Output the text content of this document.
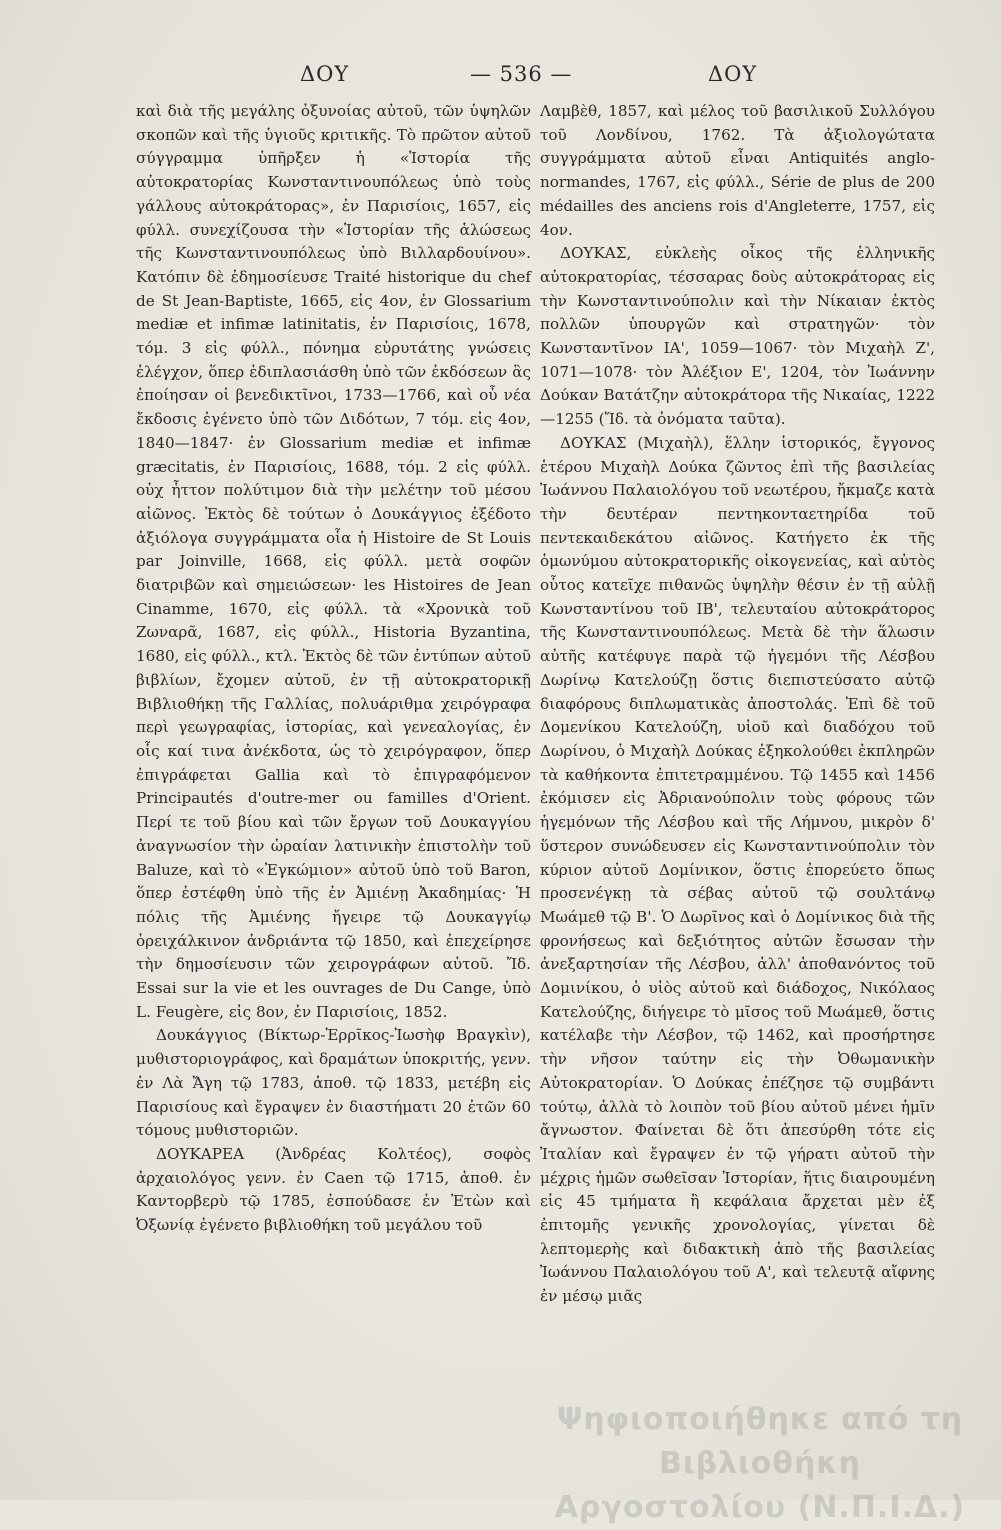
ΔΟΥ	— 536 —	ΔΟΥ

καὶ διὰ τῆς μεγάλης ὀξυνοίας αὐτοῦ, τῶν ὑψηλῶν σκοπῶν καὶ τῆς ὑγιοῦς κριτικῆς. Τὸ πρῶτον αὐτοῦ σύγγραμμα ὑπῆρξεν ἡ «Ἱστορία τῆς αὐτοκρατορίας Κωνσταντινουπόλεως ὑπὸ τοὺς γάλλους αὐτοκράτορας», ἐν Παρισίοις, 1657, εἰς φύλλ. συνεχίζουσα τὴν «Ἱστορίαν τῆς ἁλώσεως τῆς Κωνσταντινουπόλεως ὑπὸ Βιλλαρδουίνου». Κατόπιν δὲ ἐδημοσίευσε Traité historique du chef de St Jean-Baptiste, 1665, εἰς 4ον, ἐν Glossarium mediæ et infimæ latinitatis, ἐν Παρισίοις, 1678, τόμ. 3 εἰς φύλλ., πόνημα εὐρυτάτης γνώσεις ἐλέγχον, ὅπερ ἐδιπλασιάσθη ὑπὸ τῶν ἐκδόσεων ἃς ἐποίησαν οἱ βενεδικτῖνοι, 1733—1766, καὶ οὗ νέα ἔκδοσις ἐγένετο ὑπὸ τῶν Διδότων, 7 τόμ. εἰς 4ον, 1840—1847· ἐν Glossarium mediæ et infimæ græcitatis, ἐν Παρισίοις, 1688, τόμ. 2 εἰς φύλλ. οὐχ ἧττον πολύτιμον διὰ τὴν μελέτην τοῦ μέσου αἰῶνος. Ἐκτὸς δὲ τούτων ὁ Δουκάγγιος ἐξέδοτο ἀξιόλογα συγγράμματα οἷα ἡ Histoire de St Louis par Joinville, 1668, εἰς φύλλ. μετὰ σοφῶν διατριβῶν καὶ σημειώσεων· les Histoires de Jean Cinamme, 1670, εἰς φύλλ. τὰ «Χρονικὰ τοῦ Ζωναρᾶ, 1687, εἰς φύλλ., Historia Byzantina, 1680, εἰς φύλλ., κτλ. Ἐκτὸς δὲ τῶν ἐντύπων αὐτοῦ βιβλίων, ἔχομεν αὐτοῦ, ἐν τῇ αὐτοκρατορικῇ Βιβλιοθήκῃ τῆς Γαλλίας, πολυάριθμα χειρόγραφα περὶ γεωγραφίας, ἱστορίας, καὶ γενεαλογίας, ἐν οἷς καί τινα ἀνέκδοτα, ὡς τὸ χειρόγραφον, ὅπερ ἐπιγράφεται Gallia καὶ τὸ ἐπιγραφόμενον Principautés d'outre-mer ou familles d'Orient. Περί τε τοῦ βίου καὶ τῶν ἔργων τοῦ Δουκαγγίου ἀναγνωσίον τὴν ὡραίαν λατινικὴν ἐπιστολὴν τοῦ Baluze, καὶ τὸ «Ἐγκώμιον» αὐτοῦ ὑπὸ τοῦ Baron, ὅπερ ἐστέφθη ὑπὸ τῆς ἐν Ἀμιένῃ Ἀκαδημίας· Ἡ πόλις τῆς Ἀμιένης ἤγειρε τῷ Δουκαγγίῳ ὀρειχάλκινον ἀνδριάντα τῷ 1850, καὶ ἐπεχείρησε τὴν δημοσίευσιν τῶν χειρογράφων αὐτοῦ. Ἴδ. Essai sur la vie et les ouvrages de Du Cange, ὑπὸ L. Feugère, εἰς 8ον, ἐν Παρισίοις, 1852.

Δουκάγγιος (Βίκτωρ-Ἐρρῖκος-Ἰωσὴφ Βραγκὶν), μυθιστοριογράφος, καὶ δραμάτων ὑποκριτής, γενν. ἐν Λὰ Ἄγη τῷ 1783, ἀποθ. τῷ 1833, μετέβη εἰς Παρισίους καὶ ἔγραψεν ἐν διαστήματι 20 ἐτῶν 60 τόμους μυθιστοριῶν.

ΔΟΥΚΑΡΕΑ (Ἀνδρέας Κολτέος), σοφὸς ἀρχαιολόγος γενν. ἐν Caen τῷ 1715, ἀποθ. ἐν Καντορβερὺ τῷ 1785, ἐσπούδασε ἐν Ἐτὼν καὶ Ὀξωνίᾳ ἐγένετο βιβλιοθήκη τοῦ μεγάλου τοῦ

Λαμβὲθ, 1857, καὶ μέλος τοῦ βασιλικοῦ Συλλόγου τοῦ Λονδίνου, 1762. Τὰ ἀξιολογώτατα συγγράμματα αὐτοῦ εἶναι Antiquités anglo-normandes, 1767, εἰς φύλλ., Série de plus de 200 médailles des anciens rois d'Angleterre, 1757, εἰς 4ον.

ΔΟΥΚΑΣ, εὐκλεὴς οἶκος τῆς ἑλληνικῆς αὐτοκρατορίας, τέσσαρας δοὺς αὐτοκράτορας εἰς τὴν Κωνσταντινούπολιν καὶ τὴν Νίκαιαν ἐκτὸς πολλῶν ὑπουργῶν καὶ στρατηγῶν· τὸν Κωνσταντῖνον ΙΑ', 1059—1067· τὸν Μιχαὴλ Ζ', 1071—1078· τὸν Ἀλέξιον Ε', 1204, τὸν Ἰωάννην Δούκαν Βατάτζην αὐτοκράτορα τῆς Νικαίας, 1222—1255 (Ἴδ. τὰ ὀνόματα ταῦτα).

ΔΟΥΚΑΣ (Μιχαὴλ), ἕλλην ἱστορικός, ἔγγονος ἑτέρου Μιχαὴλ Δούκα ζῶντος ἐπὶ τῆς βασιλείας Ἰωάννου Παλαιολόγου τοῦ νεωτέρου, ἤκμαζε κατὰ τὴν δευτέραν πεντηκονταετηρίδα τοῦ πεντεκαιδεκάτου αἰῶνος. Κατήγετο ἐκ τῆς ὁμωνύμου αὐτοκρατορικῆς οἰκογενείας, καὶ αὐτὸς οὗτος κατεῖχε πιθανῶς ὑψηλὴν θέσιν ἐν τῇ αὐλῇ Κωνσταντίνου τοῦ ΙΒ', τελευταίου αὐτοκράτορος τῆς Κωνσταντινουπόλεως. Μετὰ δὲ τὴν ἅλωσιν αὐτῆς κατέφυγε παρὰ τῷ ἡγεμόνι τῆς Λέσβου Δωρίνῳ Κατελούζῃ ὅστις διεπιστεύσατο αὐτῷ διαφόρους διπλωματικὰς ἀποστολάς. Ἐπὶ δὲ τοῦ Δομενίκου Κατελούζη, υἱοῦ καὶ διαδόχου τοῦ Δωρίνου, ὁ Μιχαὴλ Δούκας ἐξηκολούθει ἐκπληρῶν τὰ καθήκοντα ἐπιτετραμμένου. Τῷ 1455 καὶ 1456 ἐκόμισεν εἰς Ἀδριανούπολιν τοὺς φόρους τῶν ἡγεμόνων τῆς Λέσβου καὶ τῆς Λήμνου, μικρὸν δ' ὕστερον συνώδευσεν εἰς Κωνσταντινούπολιν τὸν κύριον αὐτοῦ Δομίνικον, ὅστις ἐπορεύετο ὅπως προσενέγκῃ τὰ σέβας αὐτοῦ τῷ σουλτάνῳ Μωάμεθ τῷ Β'. Ὁ Δωρῖνος καὶ ὁ Δομίνικος διὰ τῆς φρονήσεως καὶ δεξιότητος αὐτῶν ἔσωσαν τὴν ἀνεξαρτησίαν τῆς Λέσβου, ἀλλ' ἀποθανόντος τοῦ Δομινίκου, ὁ υἱὸς αὐτοῦ καὶ διάδοχος, Νικόλαος Κατελούζης, διήγειρε τὸ μῖσος τοῦ Μωάμεθ, ὅστις κατέλαβε τὴν Λέσβον, τῷ 1462, καὶ προσήρτησε τὴν νῆσον ταύτην εἰς τὴν Ὀθωμανικὴν Αὐτοκρατορίαν. Ὁ Δούκας ἐπέζησε τῷ συμβάντι τούτῳ, ἀλλὰ τὸ λοιπὸν τοῦ βίου αὐτοῦ μένει ἡμῖν ἄγνωστον. Φαίνεται δὲ ὅτι ἀπεσύρθη τότε εἰς Ἰταλίαν καὶ ἔγραψεν ἐν τῷ γήρατι αὐτοῦ τὴν μέχρις ἡμῶν σωθεῖσαν Ἱστορίαν, ἥτις διαιρουμένη εἰς 45 τμήματα ἢ κεφάλαια ἄρχεται μὲν ἐξ ἐπιτομῆς γενικῆς χρονολογίας, γίνεται δὲ λεπτομερὴς καὶ διδακτικὴ ἀπὸ τῆς βασιλείας Ἰωάννου Παλαιολόγου τοῦ Α', καὶ τελευτᾷ αἴφνης ἐν μέσῳ μιᾶς

Ψηφιοποιήθηκε από τη Βιβλιοθήκη Αργοστολίου (Ν.Π.Ι.Δ.)
